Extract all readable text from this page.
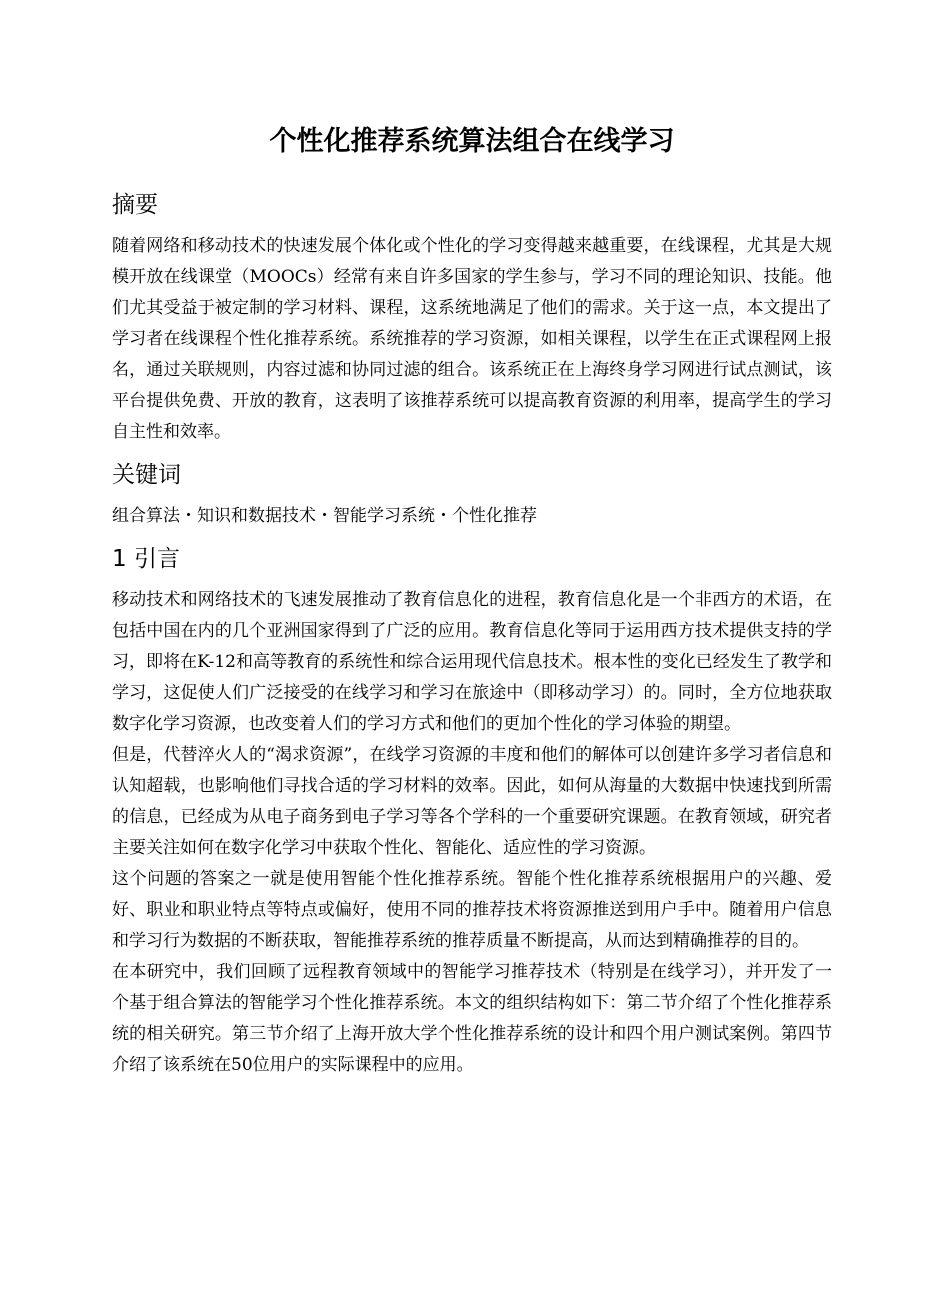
个性化推荐系统算法组合在线学习
摘要

随着网络和移动技术的快速发展个体化或个性化的学习变得越来越重要，在线课程，尤其是大规模开放在线课堂（MOOCs）经常有来自许多国家的学生参与，学习不同的理论知识、技能。他们尤其受益于被定制的学习材料、课程，这系统地满足了他们的需求。关于这一点，本文提出了学习者在线课程个性化推荐系统。系统推荐的学习资源，如相关课程，以学生在正式课程网上报名，通过关联规则，内容过滤和协同过滤的组合。该系统正在上海终身学习网进行试点测试，该平台提供免费、开放的教育，这表明了该推荐系统可以提高教育资源的利用率，提高学生的学习自主性和效率。

关键词

组合算法・知识和数据技术・智能学习系统・个性化推荐

1 引言

移动技术和网络技术的飞速发展推动了教育信息化的进程，教育信息化是一个非西方的术语，在包括中国在内的几个亚洲国家得到了广泛的应用。教育信息化等同于运用西方技术提供支持的学习，即将在K-12和高等教育的系统性和综合运用现代信息技术。根本性的变化已经发生了教学和学习，这促使人们广泛接受的在线学习和学习在旅途中（即移动学习）的。同时，全方位地获取数字化学习资源，也改变着人们的学习方式和他们的更加个性化的学习体验的期望。

但是，代替淬火人的“渴求资源”，在线学习资源的丰度和他们的解体可以创建许多学习者信息和认知超载，也影响他们寻找合适的学习材料的效率。因此，如何从海量的大数据中快速找到所需的信息，已经成为从电子商务到电子学习等各个学科的一个重要研究课题。在教育领域，研究者主要关注如何在数字化学习中获取个性化、智能化、适应性的学习资源。

这个问题的答案之一就是使用智能个性化推荐系统。智能个性化推荐系统根据用户的兴趣、爱好、职业和职业特点等特点或偏好，使用不同的推荐技术将资源推送到用户手中。随着用户信息和学习行为数据的不断获取，智能推荐系统的推荐质量不断提高，从而达到精确推荐的目的。

在本研究中，我们回顾了远程教育领域中的智能学习推荐技术（特别是在线学习），并开发了一个基于组合算法的智能学习个性化推荐系统。本文的组织结构如下：第二节介绍了个性化推荐系统的相关研究。第三节介绍了上海开放大学个性化推荐系统的设计和四个用户测试案例。第四节介绍了该系统在50位用户的实际课程中的应用。
